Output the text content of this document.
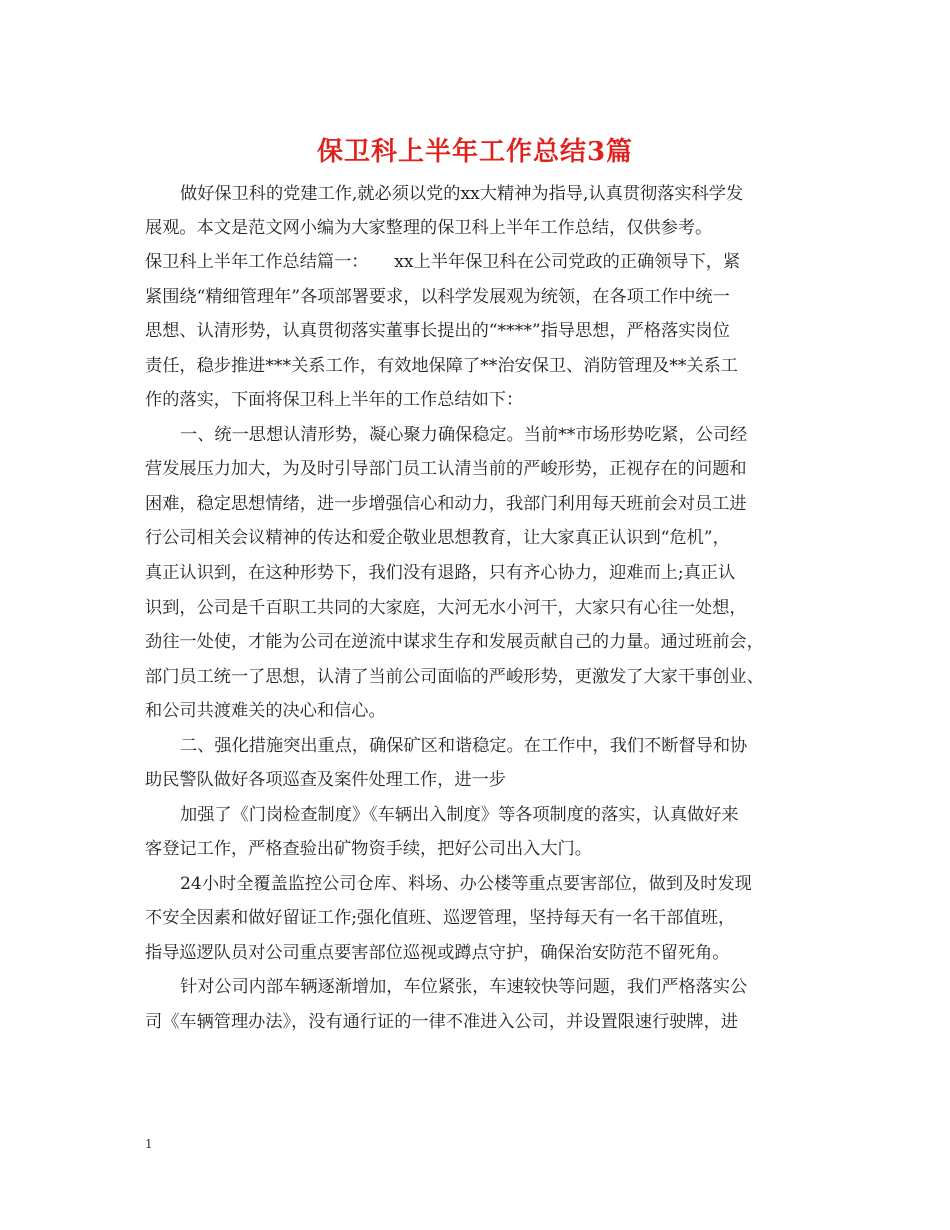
保卫科上半年工作总结3篇
做好保卫科的党建工作,就必须以党的xx大精神为指导,认真贯彻落实科学发
展观。本文是范文网小编为大家整理的保卫科上半年工作总结，仅供参考。
保卫科上半年工作总结篇一：　　xx上半年保卫科在公司党政的正确领导下，紧
紧围绕“精细管理年”各项部署要求，以科学发展观为统领，在各项工作中统一
思想、认清形势，认真贯彻落实董事长提出的“****”指导思想，严格落实岗位
责任，稳步推进***关系工作，有效地保障了**治安保卫、消防管理及**关系工
作的落实，下面将保卫科上半年的工作总结如下：
一、统一思想认清形势，凝心聚力确保稳定。当前**市场形势吃紧，公司经
营发展压力加大，为及时引导部门员工认清当前的严峻形势，正视存在的问题和
困难，稳定思想情绪，进一步增强信心和动力，我部门利用每天班前会对员工进
行公司相关会议精神的传达和爱企敬业思想教育，让大家真正认识到“危机”，
真正认识到，在这种形势下，我们没有退路，只有齐心协力，迎难而上;真正认
识到，公司是千百职工共同的大家庭，大河无水小河干，大家只有心往一处想，
劲往一处使，才能为公司在逆流中谋求生存和发展贡献自己的力量。通过班前会，
部门员工统一了思想，认清了当前公司面临的严峻形势，更激发了大家干事创业、
和公司共渡难关的决心和信心。
二、强化措施突出重点，确保矿区和谐稳定。在工作中，我们不断督导和协
助民警队做好各项巡查及案件处理工作，进一步
加强了《门岗检查制度》《车辆出入制度》等各项制度的落实，认真做好来
客登记工作，严格查验出矿物资手续，把好公司出入大门。
24小时全覆盖监控公司仓库、料场、办公楼等重点要害部位，做到及时发现
不安全因素和做好留证工作;强化值班、巡逻管理，坚持每天有一名干部值班，
指导巡逻队员对公司重点要害部位巡视或蹲点守护，确保治安防范不留死角。
针对公司内部车辆逐渐增加，车位紧张，车速较快等问题，我们严格落实公
司《车辆管理办法》，没有通行证的一律不准进入公司，并设置限速行驶牌，进
1
